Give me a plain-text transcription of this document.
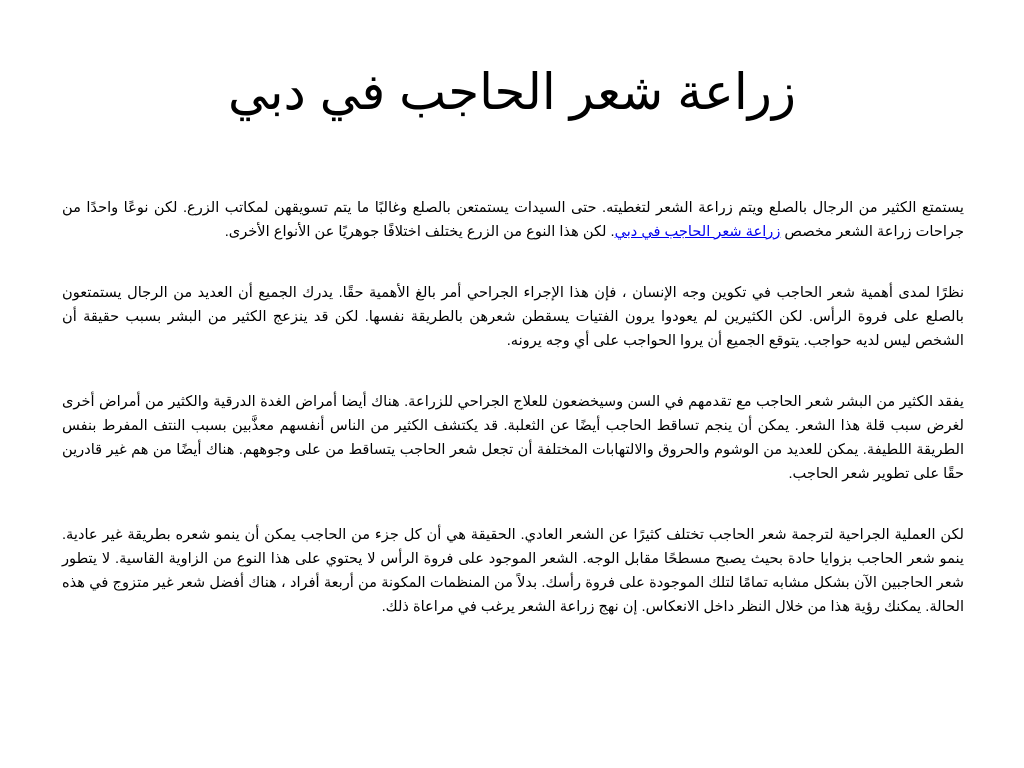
زراعة شعر الحاجب في دبي

يستمتع الكثير من الرجال بالصلع ويتم زراعة الشعر لتغطيته. حتى السيدات يستمتعن بالصلع وغالبًا ما يتم تسويقهن لمكاتب الزرع. لكن نوعًا واحدًا من جراحات زراعة الشعر مخصص زراعة شعر الحاجب في دبي. لكن هذا النوع من الزرع يختلف اختلافًا جوهريًا عن الأنواع الأخرى.

نظرًا لمدى أهمية شعر الحاجب في تكوين وجه الإنسان ، فإن هذا الإجراء الجراحي أمر بالغ الأهمية حقًا. يدرك الجميع أن العديد من الرجال يستمتعون بالصلع على فروة الرأس. لكن الكثيرين لم يعودوا يرون الفتيات يسقطن شعرهن بالطريقة نفسها. لكن قد ينزعج الكثير من البشر بسبب حقيقة أن الشخص ليس لديه حواجب. يتوقع الجميع أن يروا الحواجب على أي وجه يرونه.

يفقد الكثير من البشر شعر الحاجب مع تقدمهم في السن وسيخضعون للعلاج الجراحي للزراعة. هناك أيضا أمراض الغدة الدرقية والكثير من أمراض أخرى لغرض سبب قلة هذا الشعر. يمكن أن ينجم تساقط الحاجب أيضًا عن الثعلبة. قد يكتشف الكثير من الناس أنفسهم معذَّبين بسبب النتف المفرط بنفس الطريقة اللطيفة. يمكن للعديد من الوشوم والحروق والالتهابات المختلفة أن تجعل شعر الحاجب يتساقط من على وجوههم. هناك أيضًا من هم غير قادرين حقًا على تطوير شعر الحاجب.

لكن العملية الجراحية لترجمة شعر الحاجب تختلف كثيرًا عن الشعر العادي. الحقيقة هي أن كل جزء من الحاجب يمكن أن ينمو شعره بطريقة غير عادية. ينمو شعر الحاجب بزوايا حادة بحيث يصبح مسطحًا مقابل الوجه. الشعر الموجود على فروة الرأس لا يحتوي على هذا النوع من الزاوية القاسية. لا يتطور شعر الحاجبين الآن بشكل مشابه تمامًا لتلك الموجودة على فروة رأسك. بدلاً من المنظمات المكونة من أربعة أفراد ، هناك أفضل شعر غير متزوج في هذه الحالة. يمكنك رؤية هذا من خلال النظر داخل الانعكاس. إن نهج زراعة الشعر يرغب في مراعاة ذلك.
